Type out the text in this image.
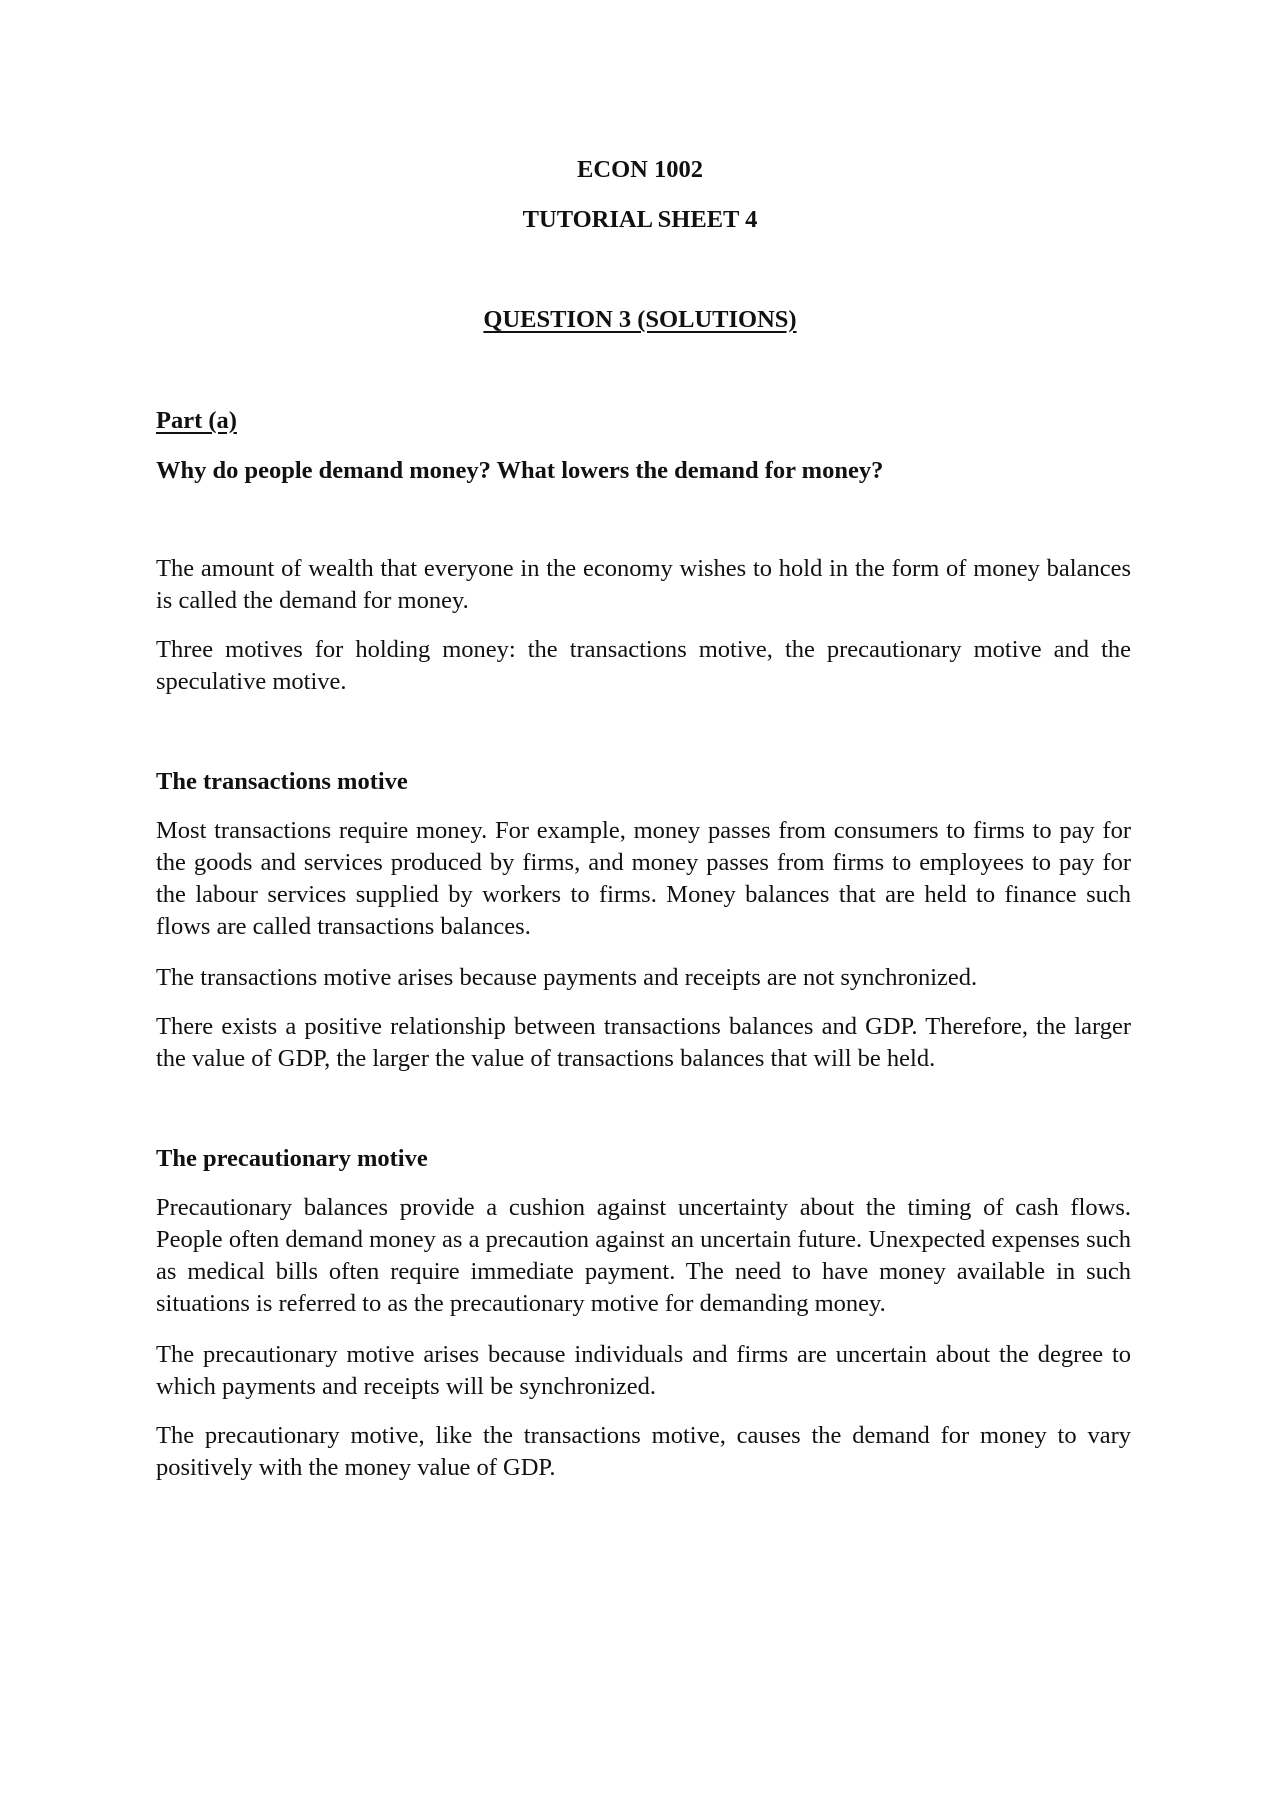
ECON 1002

TUTORIAL SHEET 4

QUESTION 3 (SOLUTIONS)

Part (a)

Why do people demand money? What lowers the demand for money?

The amount of wealth that everyone in the economy wishes to hold in the form of money balances is called the demand for money.

Three motives for holding money: the transactions motive, the precautionary motive and the speculative motive.

The transactions motive

Most transactions require money. For example, money passes from consumers to firms to pay for the goods and services produced by firms, and money passes from firms to employees to pay for the labour services supplied by workers to firms. Money balances that are held to finance such flows are called transactions balances.

The transactions motive arises because payments and receipts are not synchronized.

There exists a positive relationship between transactions balances and GDP. Therefore, the larger the value of GDP, the larger the value of transactions balances that will be held.

The precautionary motive

Precautionary balances provide a cushion against uncertainty about the timing of cash flows. People often demand money as a precaution against an uncertain future. Unexpected expenses such as medical bills often require immediate payment. The need to have money available in such situations is referred to as the precautionary motive for demanding money.

The precautionary motive arises because individuals and firms are uncertain about the degree to which payments and receipts will be synchronized.

The precautionary motive, like the transactions motive, causes the demand for money to vary positively with the money value of GDP.
